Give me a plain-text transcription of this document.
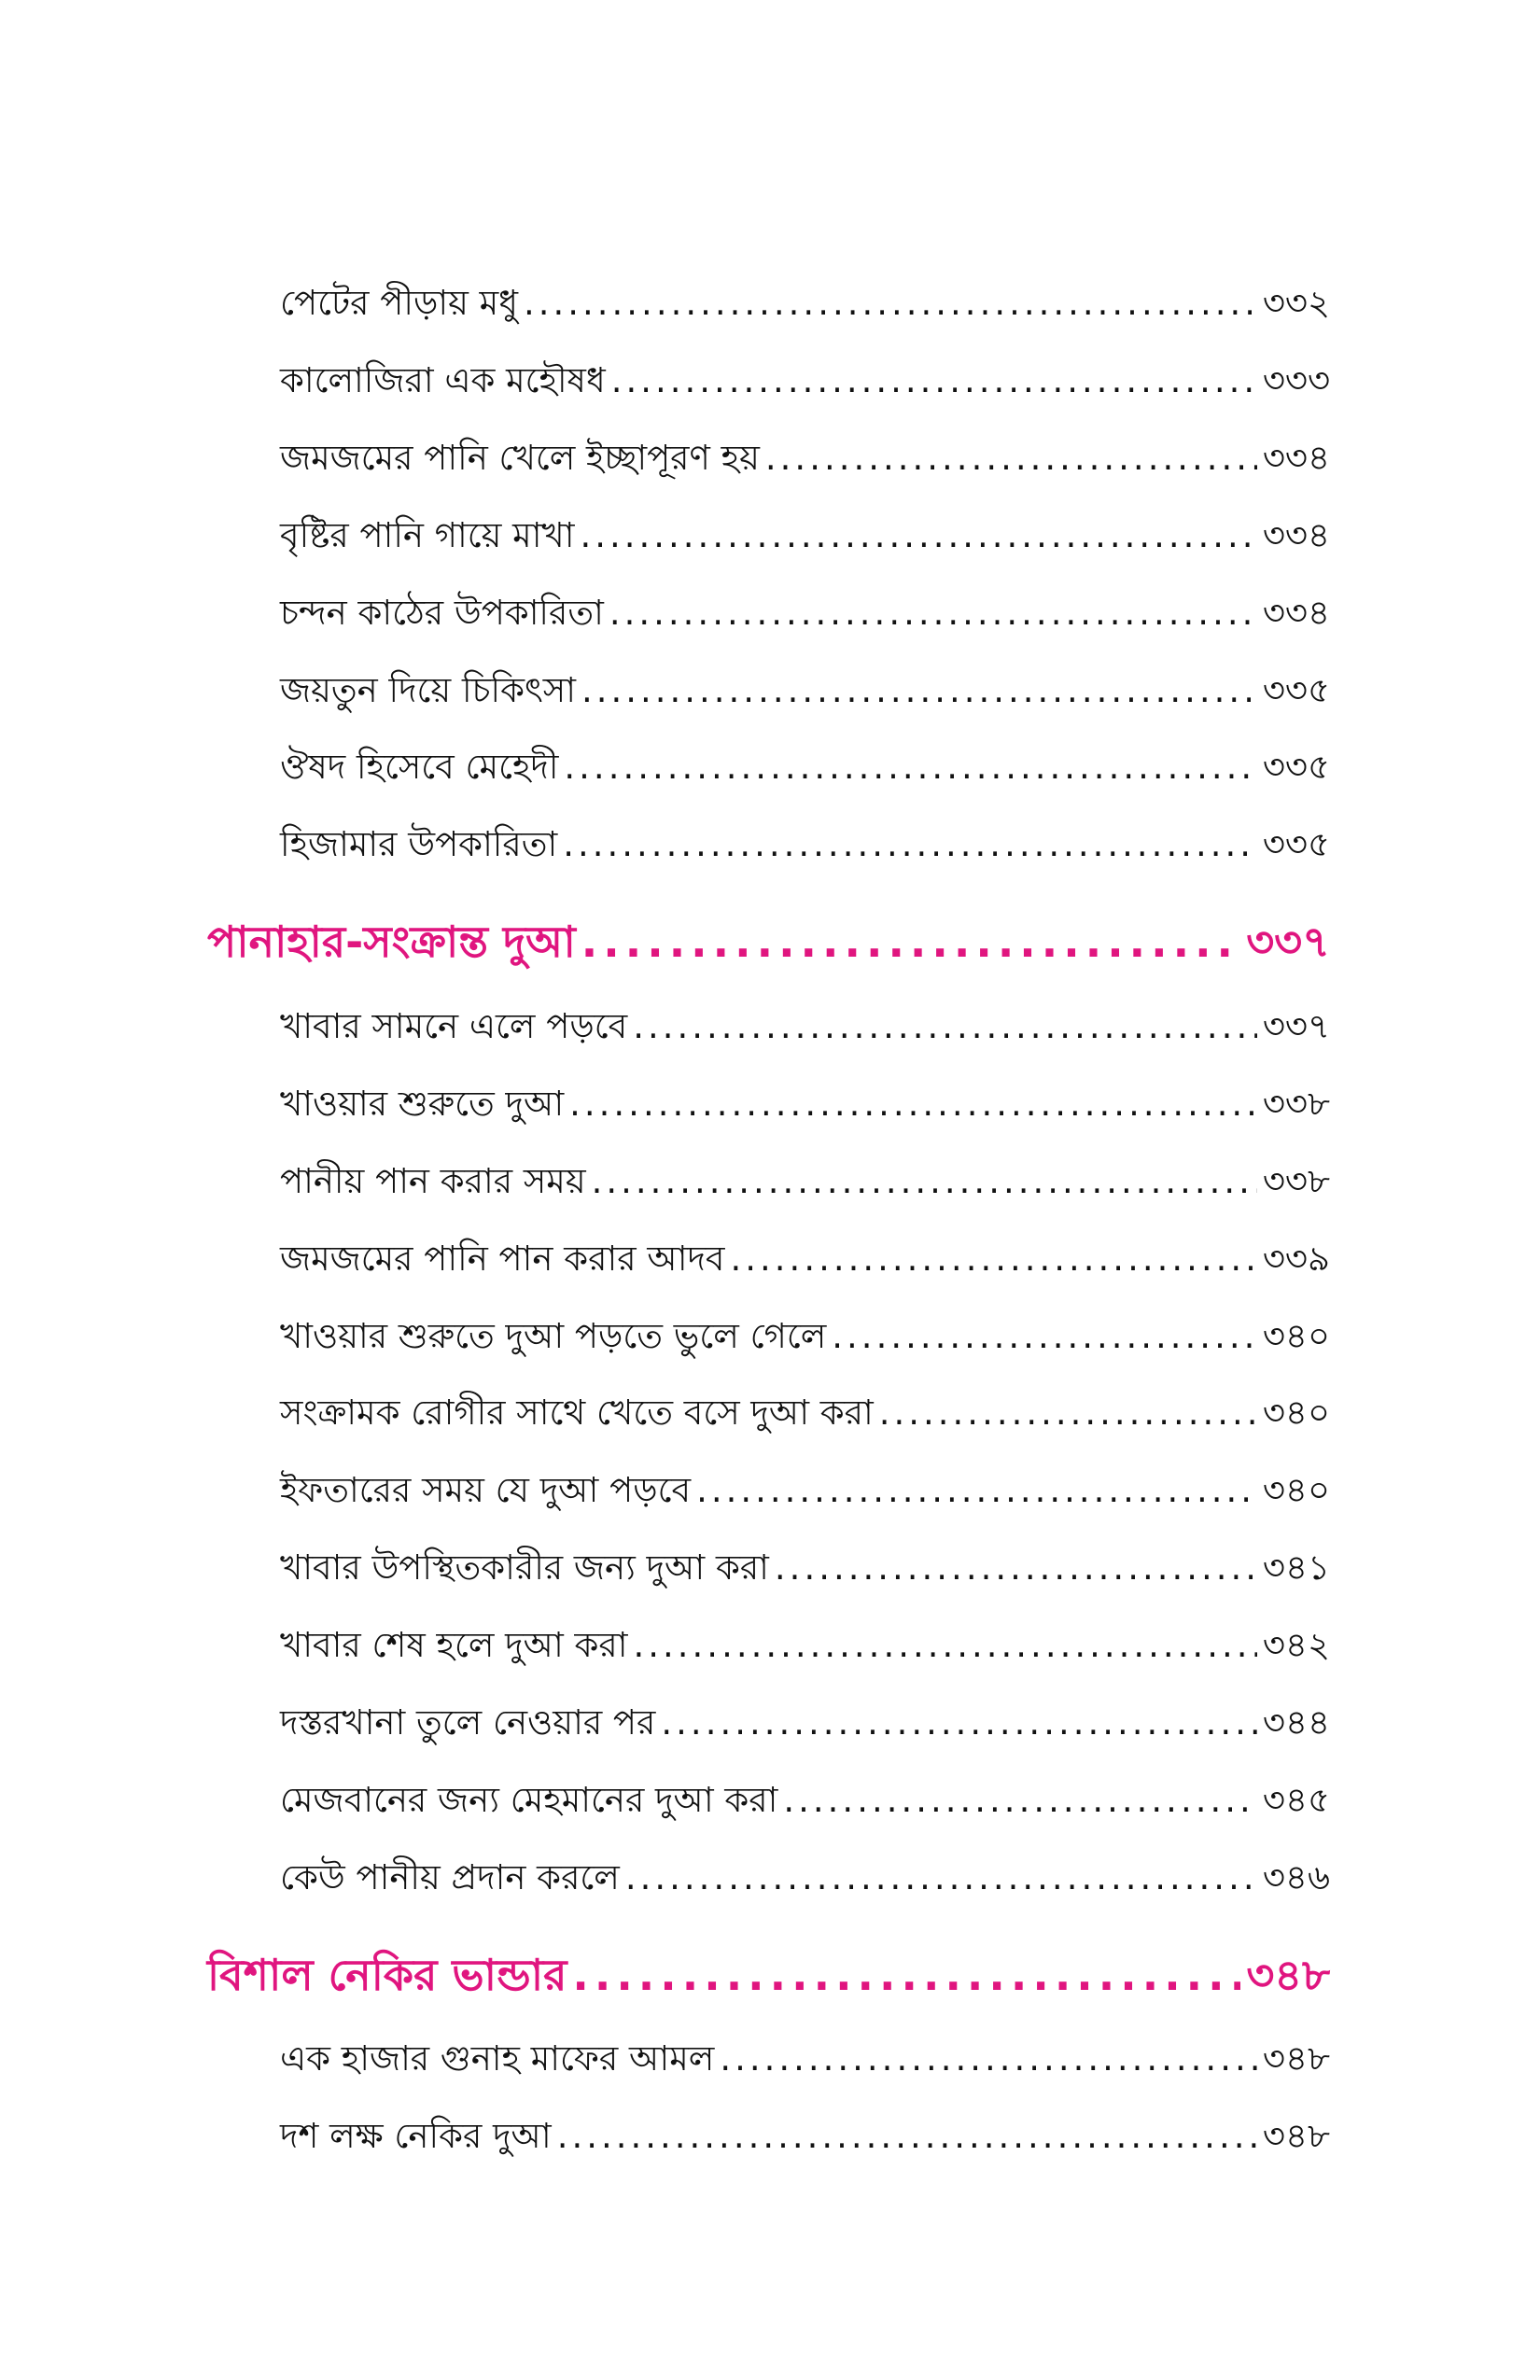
পেটের পীড়ায় মধু .....	৩৩২
কালোজিরা এক মহৌষধ .....	৩৩৩
জমজমের পানি খেলে ইচ্ছাপূরণ হয় .....	৩৩৪
বৃষ্টির পানি গায়ে মাখা .....	৩৩৪
চন্দন কাঠের উপকারিতা .....	৩৩৪
জয়তুন দিয়ে চিকিৎসা .....	৩৩৫
ঔষদ হিসেবে মেহেদী .....	৩৩৫
হিজামার উপকারিতা .....	৩৩৫
পানাহার-সংক্রান্ত দুআ .....	৩৩৭
খাবার সামনে এলে পড়বে .....	৩৩৭
খাওয়ার শুরুতে দুআ .....	৩৩৮
পানীয় পান করার সময় .....	৩৩৮
জমজমের পানি পান করার আদব .....	৩৩৯
খাওয়ার শুরুতে দুআ পড়তে ভুলে গেলে .....	৩৪০
সংক্রামক রোগীর সাথে খেতে বসে দুআ করা .....	৩৪০
ইফতারের সময় যে দুআ পড়বে .....	৩৪০
খাবার উপস্থিতকারীর জন্য দুআ করা .....	৩৪১
খাবার শেষ হলে দুআ করা .....	৩৪২
দস্তরখানা তুলে নেওয়ার পর .....	৩৪৪
মেজবানের জন্য মেহমানের দুআ করা .....	৩৪৫
কেউ পানীয় প্রদান করলে .....	৩৪৬
বিশাল নেকির ভান্ডার .....	৩৪৮
এক হাজার গুনাহ মাফের আমল .....	৩৪৮
দশ লক্ষ নেকির দুআ .....	৩৪৮
